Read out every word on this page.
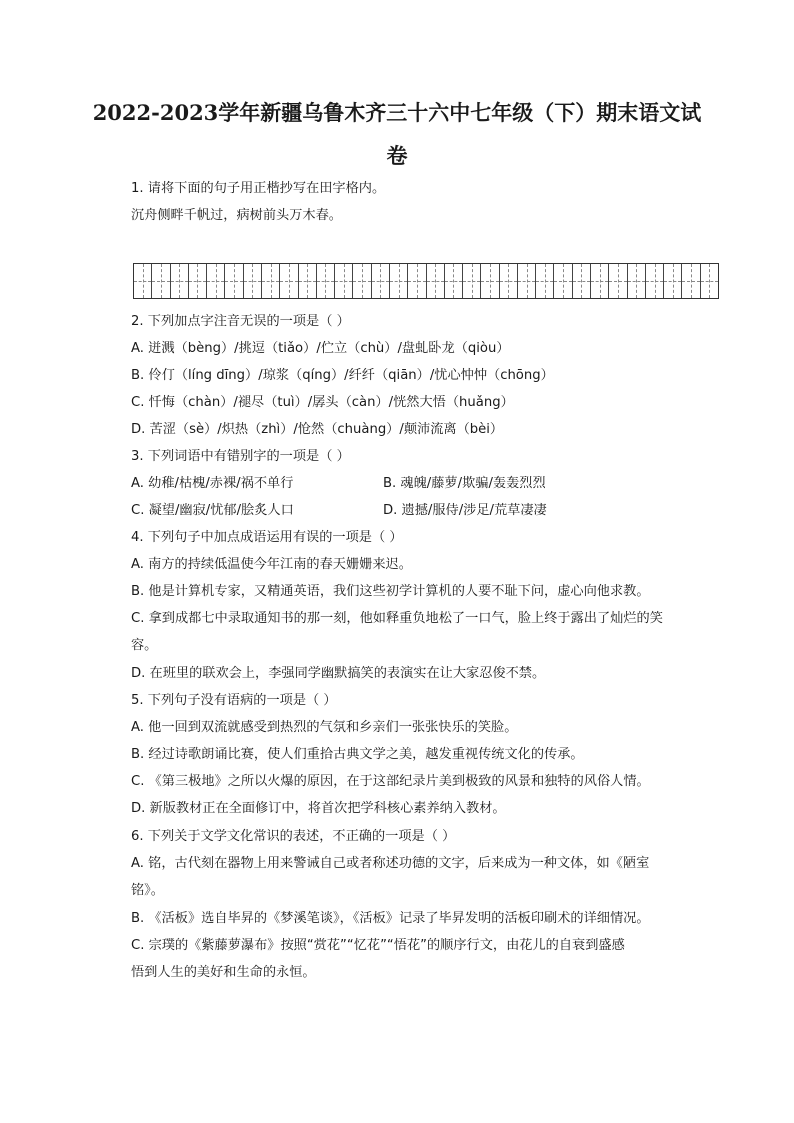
2022-2023学年新疆乌鲁木齐三十六中七年级（下）期末语文试
卷
1. 请将下面的句子用正楷抄写在田字格内。
沉舟侧畔千帆过，病树前头万木春。
2. 下列加点字注音无误的一项是（ ）
A. 迸溅（bèng）/挑逗（tiǎo）/伫立（chù）/盘虬卧龙（qiòu）
B. 伶仃（líng dīng）/琼浆（qíng）/纤纤（qiān）/忧心忡忡（chōng）
C. 忏悔（chàn）/褪尽（tuì）/孱头（càn）/恍然大悟（huǎng）
D. 苦涩（sè）/炽热（zhì）/怆然（chuàng）/颠沛流离（bèi）
3. 下列词语中有错别字的一项是（ ）
A. 幼稚/枯槐/赤裸/祸不单行	B. 魂魄/藤萝/欺骗/轰轰烈烈
C. 凝望/幽寂/忧郁/脍炙人口	D. 遗撼/服侍/涉足/荒草凄凄
4. 下列句子中加点成语运用有误的一项是（ ）
A. 南方的持续低温使今年江南的春天姗姗来迟。
B. 他是计算机专家，又精通英语，我们这些初学计算机的人要不耻下问，虚心向他求教。
C. 拿到成都七中录取通知书的那一刻，他如释重负地松了一口气，脸上终于露出了灿烂的笑
容。
D. 在班里的联欢会上，李强同学幽默搞笑的表演实在让大家忍俊不禁。
5. 下列句子没有语病的一项是（ ）
A. 他一回到双流就感受到热烈的气氛和乡亲们一张张快乐的笑脸。
B. 经过诗歌朗诵比赛，使人们重拾古典文学之美，越发重视传统文化的传承。
C. 《第三极地》之所以火爆的原因，在于这部纪录片美到极致的风景和独特的风俗人情。
D. 新版教材正在全面修订中，将首次把学科核心素养纳入教材。
6. 下列关于文学文化常识的表述，不正确的一项是（ ）
A. 铭，古代刻在器物上用来警诫自己或者称述功德的文字，后来成为一种文体，如《陋室
铭》。
B. 《活板》选自毕昇的《梦溪笔谈》，《活板》记录了毕昇发明的活板印刷术的详细情况。
C. 宗璞的《紫藤萝瀑布》按照“赏花”“忆花”“悟花”的顺序行文，由花儿的自衰到盛感
悟到人生的美好和生命的永恒。
